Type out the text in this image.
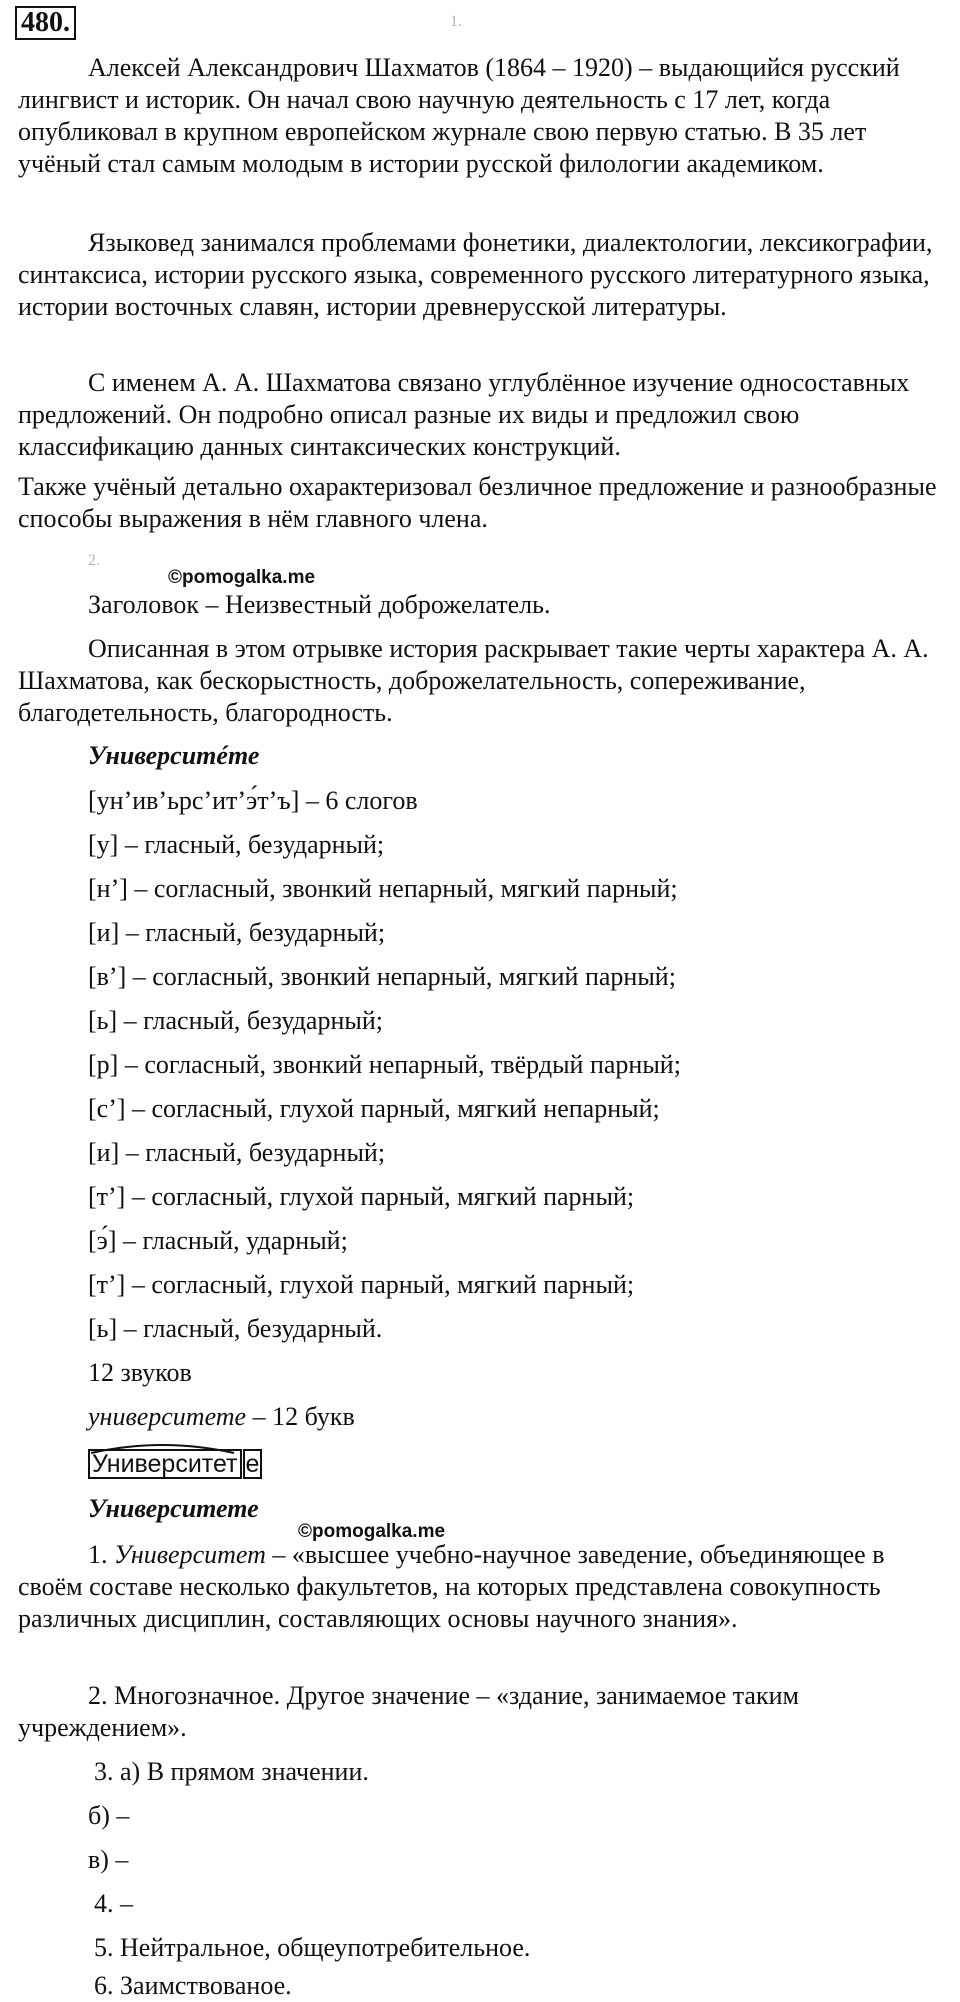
480.	1.
Алексей Александрович Шахматов (1864 – 1920) – выдающийся русский лингвист и историк. Он начал свою научную деятельность с 17 лет, когда опубликовал в крупном европейском журнале свою первую статью. В 35 лет учёный стал самым молодым в истории русской филологии академиком.
Языковед занимался проблемами фонетики, диалектологии, лексикографии, синтаксиса, истории русского языка, современного русского литературного языка, истории восточных славян, истории древнерусской литературы.
С именем А. А. Шахматова связано углублённое изучение односоставных предложений. Он подробно описал разные их виды и предложил свою классификацию данных синтаксических конструкций.
Также учёный детально охарактеризовал безличное предложение и разнообразные способы выражения в нём главного члена.
2.
©pomogalka.me
Заголовок – Неизвестный доброжелатель.
Описанная в этом отрывке история раскрывает такие черты характера А. А. Шахматова, как бескорыстность, доброжелательность, сопереживание, благодетельность, благородность.
Университéте
[ун’ив’ьрс’ит’э́т’ъ] – 6 слогов
[у] – гласный, безударный;
[н’] – согласный, звонкий непарный, мягкий парный;
[и] – гласный, безударный;
[в’] – согласный, звонкий непарный, мягкий парный;
[ь] – гласный, безударный;
[р] – согласный, звонкий непарный, твёрдый парный;
[с’] – согласный, глухой парный, мягкий непарный;
[и] – гласный, безударный;
[т’] – согласный, глухой парный, мягкий парный;
[э́] – гласный, ударный;
[т’] – согласный, глухой парный, мягкий парный;
[ь] – гласный, безударный.
12 звуков
университете – 12 букв
Университет е
Университете
©pomogalka.me
1. Университет – «высшее учебно-научное заведение, объединяющее в своём составе несколько факультетов, на которых представлена совокупность различных дисциплин, составляющих основы научного знания».
2. Многозначное. Другое значение – «здание, занимаемое таким учреждением».
3. а) В прямом значении.
б) –
в) –
4. –
5. Нейтральное, общеупотребительное.
6. Заимствованое.
